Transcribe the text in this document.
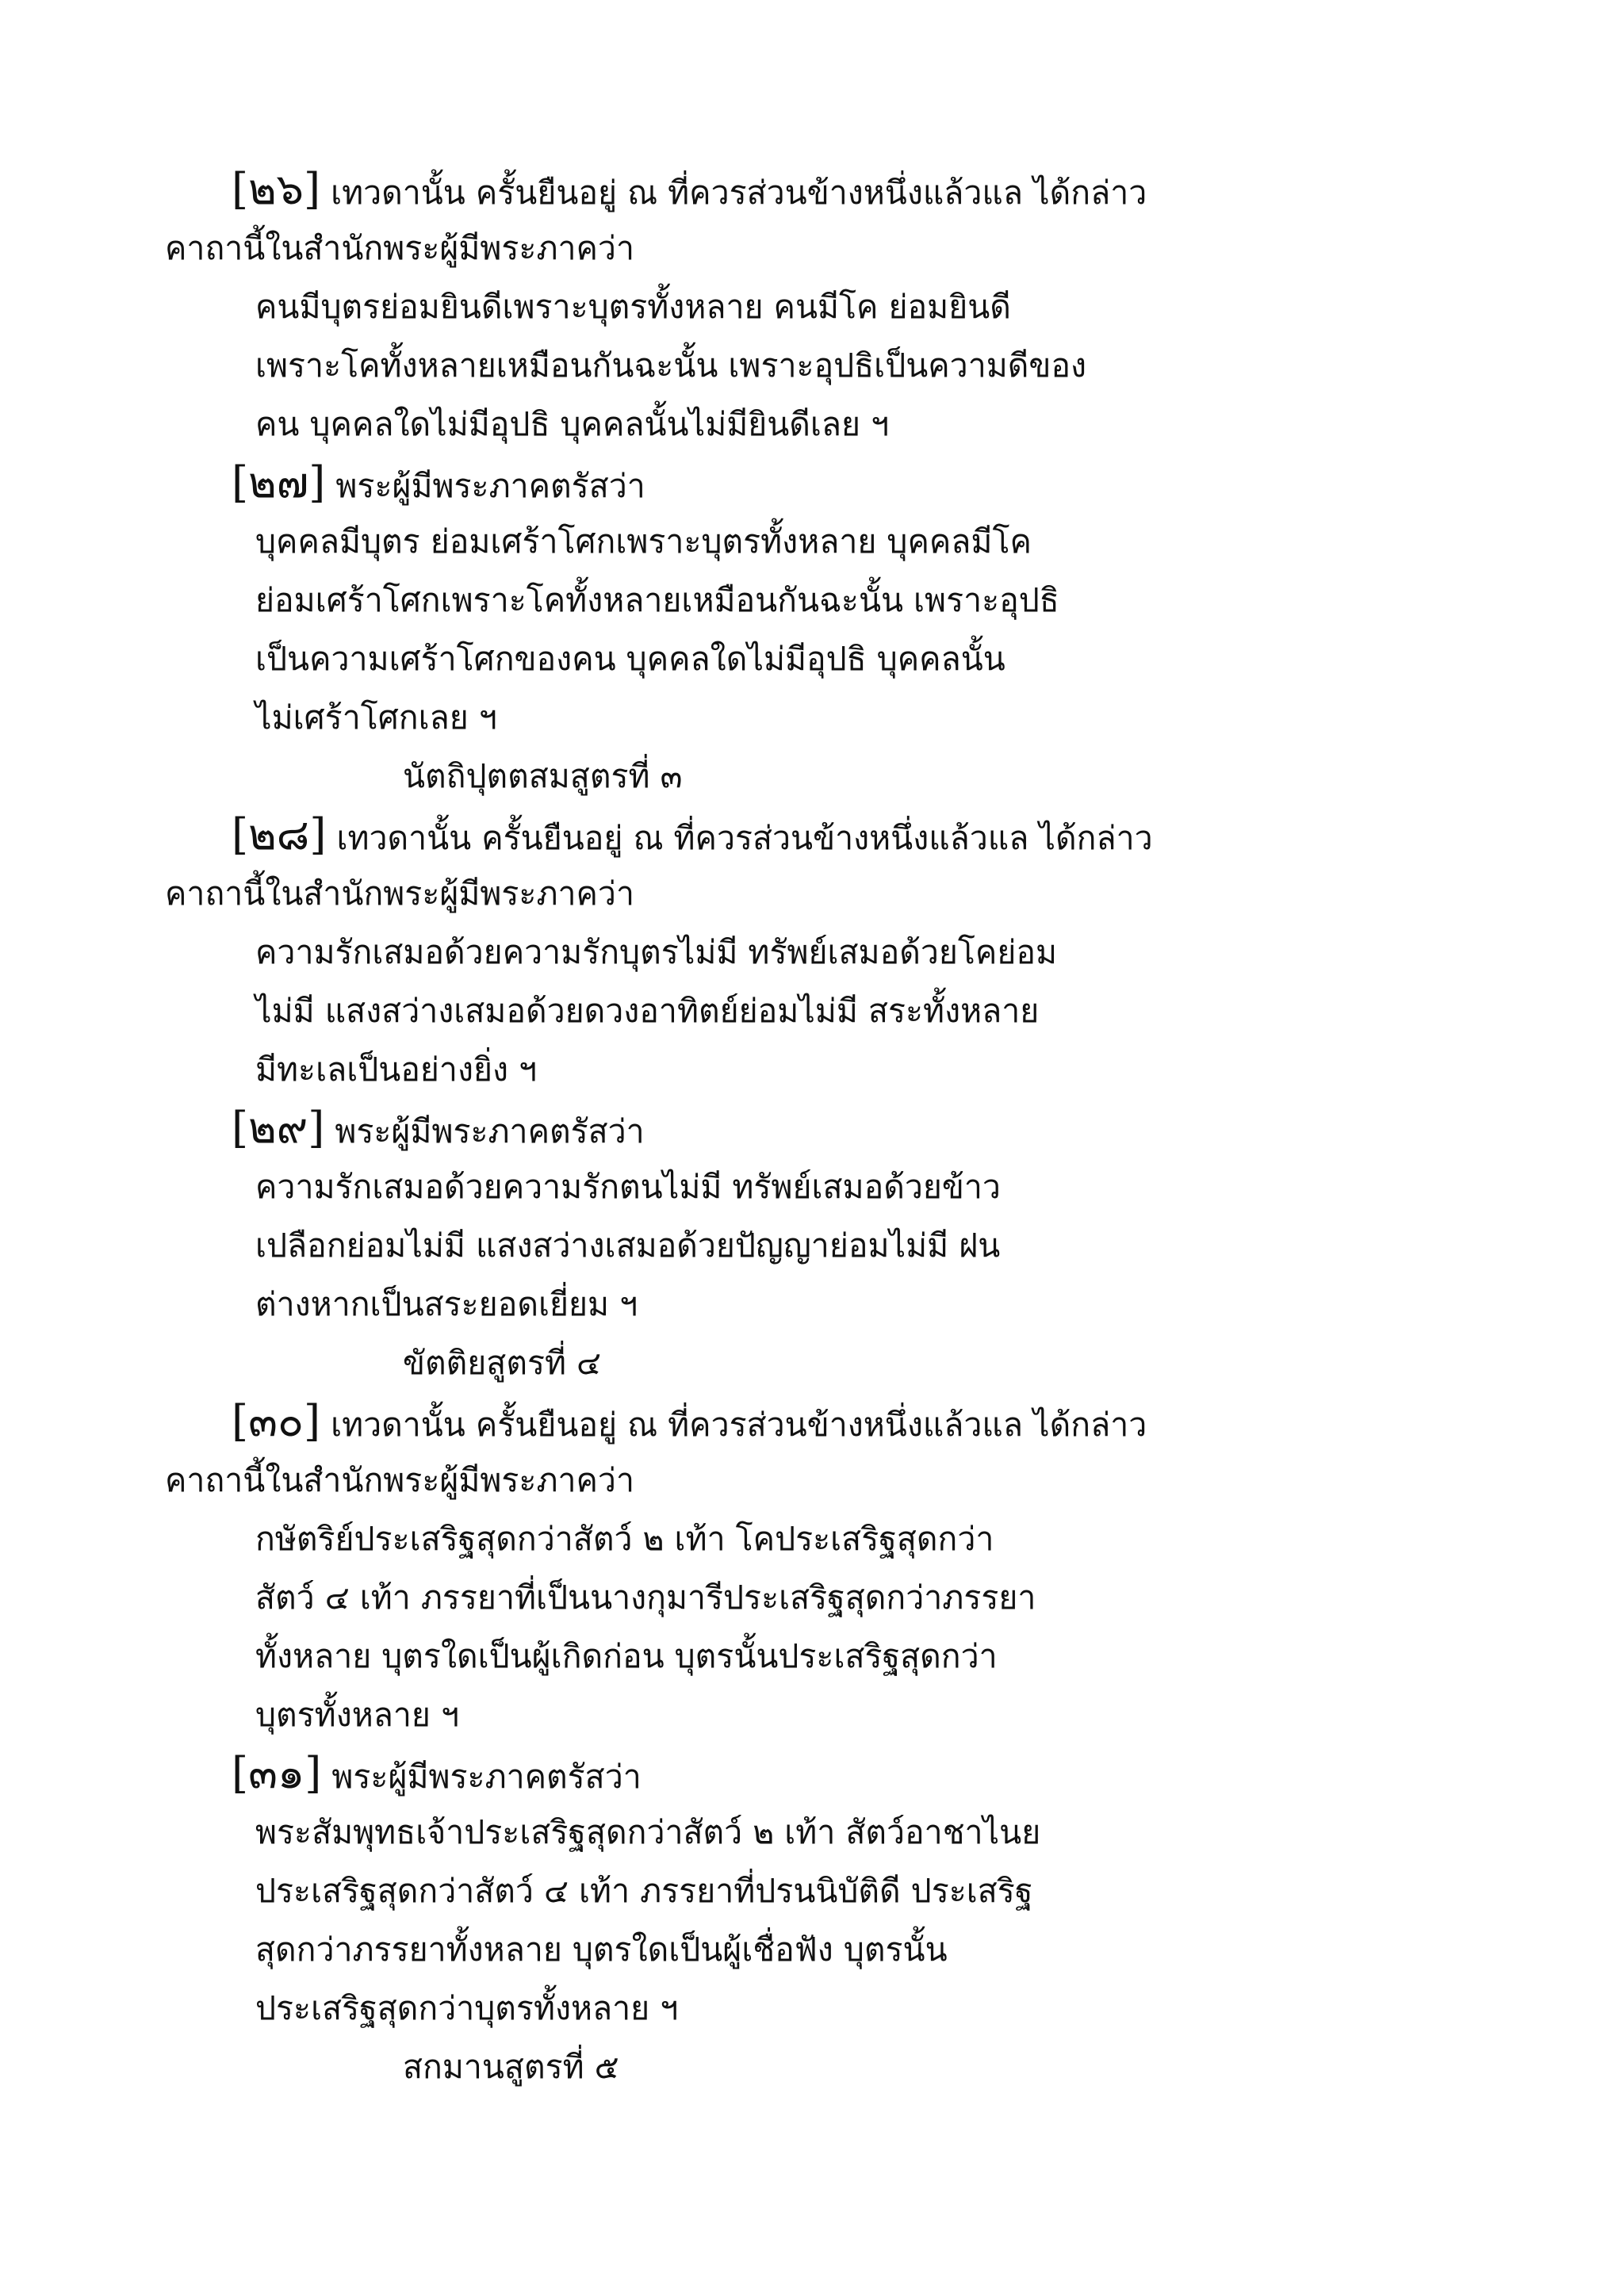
[๒๖] เทวดานั้น ครั้นยืนอยู่ ณ ที่ควรส่วนข้างหนึ่งแล้วแล ได้กล่าว
คาถานี้ในสำนักพระผู้มีพระภาคว่า
คนมีบุตรย่อมยินดีเพราะบุตรทั้งหลาย คนมีโค ย่อมยินดี
เพราะโคทั้งหลายเหมือนกันฉะนั้น เพราะอุปธิเป็นความดีของ
คน บุคคลใดไม่มีอุปธิ บุคคลนั้นไม่มียินดีเลย ฯ
[๒๗] พระผู้มีพระภาคตรัสว่า
บุคคลมีบุตร ย่อมเศร้าโศกเพราะบุตรทั้งหลาย บุคคลมีโค
ย่อมเศร้าโศกเพราะโคทั้งหลายเหมือนกันฉะนั้น เพราะอุปธิ
เป็นความเศร้าโศกของคน บุคคลใดไม่มีอุปธิ บุคคลนั้น
ไม่เศร้าโศกเลย ฯ
นัตถิปุตตสมสูตรที่ ๓
[๒๘] เทวดานั้น ครั้นยืนอยู่ ณ ที่ควรส่วนข้างหนึ่งแล้วแล ได้กล่าว
คาถานี้ในสำนักพระผู้มีพระภาคว่า
ความรักเสมอด้วยความรักบุตรไม่มี ทรัพย์เสมอด้วยโคย่อม
ไม่มี แสงสว่างเสมอด้วยดวงอาทิตย์ย่อมไม่มี สระทั้งหลาย
มีทะเลเป็นอย่างยิ่ง ฯ
[๒๙] พระผู้มีพระภาคตรัสว่า
ความรักเสมอด้วยความรักตนไม่มี ทรัพย์เสมอด้วยข้าว
เปลือกย่อมไม่มี แสงสว่างเสมอด้วยปัญญาย่อมไม่มี ฝน
ต่างหากเป็นสระยอดเยี่ยม ฯ
ขัตติยสูตรที่ ๔
[๓๐] เทวดานั้น ครั้นยืนอยู่ ณ ที่ควรส่วนข้างหนึ่งแล้วแล ได้กล่าว
คาถานี้ในสำนักพระผู้มีพระภาคว่า
กษัตริย์ประเสริฐสุดกว่าสัตว์ ๒ เท้า โคประเสริฐสุดกว่า
สัตว์ ๔ เท้า ภรรยาที่เป็นนางกุมารีประเสริฐสุดกว่าภรรยา
ทั้งหลาย บุตรใดเป็นผู้เกิดก่อน บุตรนั้นประเสริฐสุดกว่า
บุตรทั้งหลาย ฯ
[๓๑] พระผู้มีพระภาคตรัสว่า
พระสัมพุทธเจ้าประเสริฐสุดกว่าสัตว์ ๒ เท้า สัตว์อาชาไนย
ประเสริฐสุดกว่าสัตว์ ๔ เท้า ภรรยาที่ปรนนิบัติดี ประเสริฐ
สุดกว่าภรรยาทั้งหลาย บุตรใดเป็นผู้เชื่อฟัง บุตรนั้น
ประเสริฐสุดกว่าบุตรทั้งหลาย ฯ
สกมานสูตรที่ ๕
